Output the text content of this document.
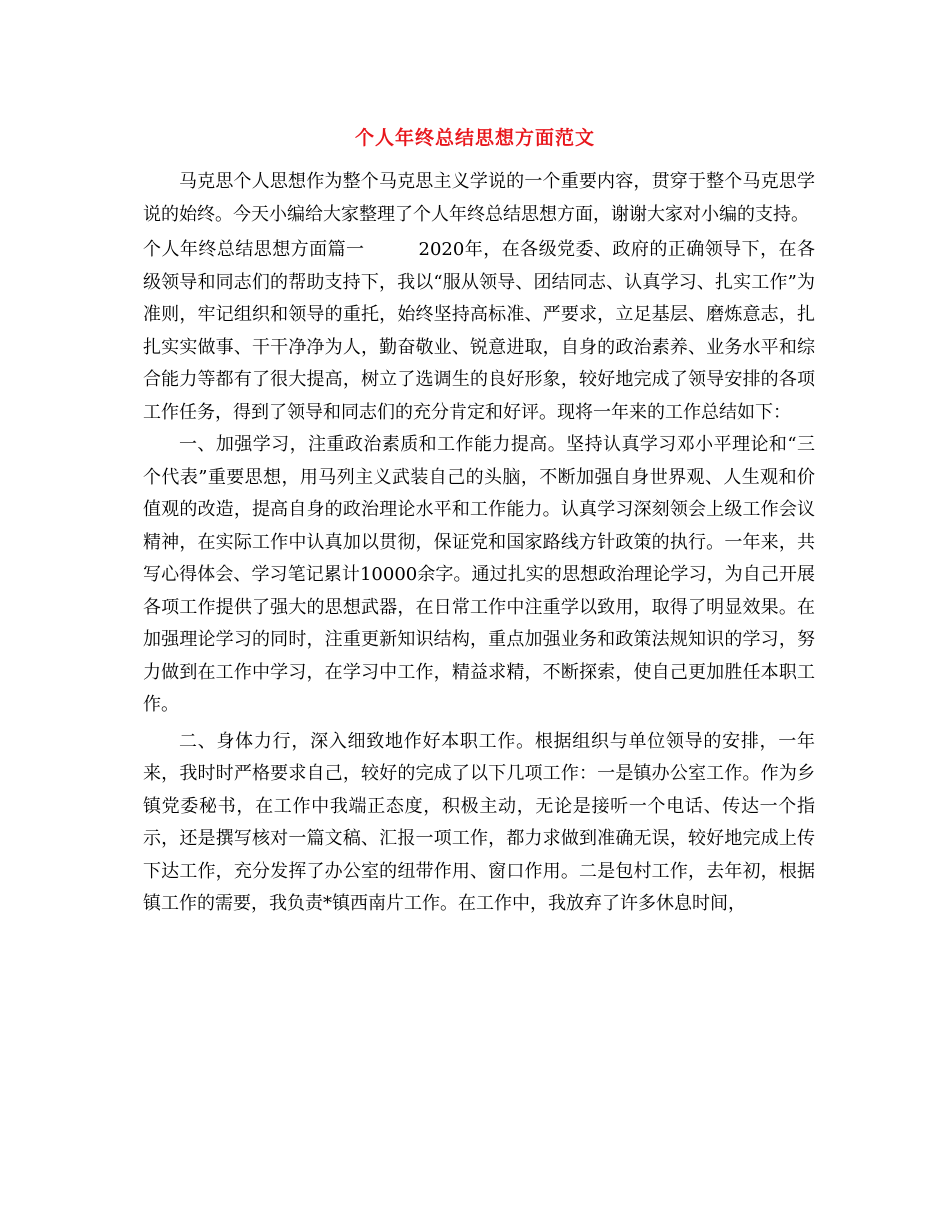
个人年终总结思想方面范文

马克思个人思想作为整个马克思主义学说的一个重要内容，贯穿于整个马克思学说的始终。今天小编给大家整理了个人年终总结思想方面，谢谢大家对小编的支持。

个人年终总结思想方面篇一	2020年，在各级党委、政府的正确领导下，在各级领导和同志们的帮助支持下，我以“服从领导、团结同志、认真学习、扎实工作”为准则，牢记组织和领导的重托，始终坚持高标准、严要求，立足基层、磨炼意志，扎扎实实做事、干干净净为人，勤奋敬业、锐意进取，自身的政治素养、业务水平和综合能力等都有了很大提高，树立了选调生的良好形象，较好地完成了领导安排的各项工作任务，得到了领导和同志们的充分肯定和好评。现将一年来的工作总结如下：

一、加强学习，注重政治素质和工作能力提高。坚持认真学习邓小平理论和“三个代表”重要思想，用马列主义武装自己的头脑，不断加强自身世界观、人生观和价值观的改造，提高自身的政治理论水平和工作能力。认真学习深刻领会上级工作会议精神，在实际工作中认真加以贯彻，保证党和国家路线方针政策的执行。一年来，共写心得体会、学习笔记累计10000余字。通过扎实的思想政治理论学习，为自己开展各项工作提供了强大的思想武器，在日常工作中注重学以致用，取得了明显效果。在加强理论学习的同时，注重更新知识结构，重点加强业务和政策法规知识的学习，努力做到在工作中学习，在学习中工作，精益求精，不断探索，使自己更加胜任本职工作。

二、身体力行，深入细致地作好本职工作。根据组织与单位领导的安排，一年来，我时时严格要求自己，较好的完成了以下几项工作：一是镇办公室工作。作为乡镇党委秘书，在工作中我端正态度，积极主动，无论是接听一个电话、传达一个指示，还是撰写核对一篇文稿、汇报一项工作，都力求做到准确无误，较好地完成上传下达工作，充分发挥了办公室的纽带作用、窗口作用。二是包村工作，去年初，根据镇工作的需要，我负责*镇西南片工作。在工作中，我放弃了许多休息时间，
